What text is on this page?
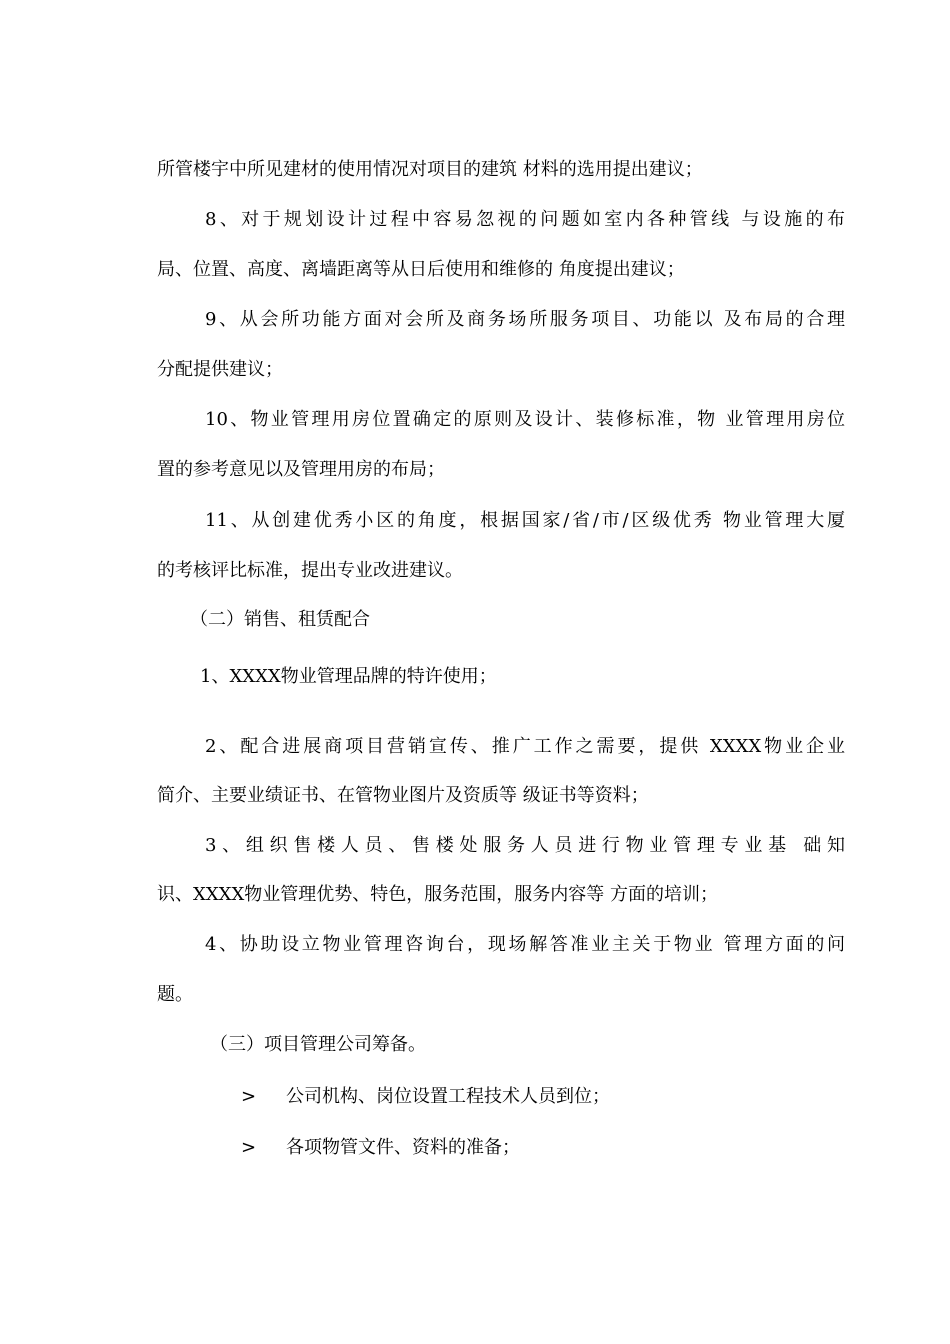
所管楼宇中所见建材的使用情况对项目的建筑 材料的选用提出建议；

8、对于规划设计过程中容易忽视的问题如室内各种管线 与设施的布

局、位置、高度、离墙距离等从日后使用和维修的 角度提出建议；

9、从会所功能方面对会所及商务场所服务项目、功能以 及布局的合理

分配提供建议；

10、物业管理用房位置确定的原则及设计、装修标准，物 业管理用房位

置的参考意见以及管理用房的布局；

11、从创建优秀小区的角度，根据国家/省/市/区级优秀 物业管理大厦

的考核评比标准，提出专业改进建议。

（二）销售、租赁配合

1、XXXX物业管理品牌的特许使用；

2、配合进展商项目营销宣传、推广工作之需要，提供 XXXX物业企业

简介、主要业绩证书、在管物业图片及资质等 级证书等资料；

3、组织售楼人员、售楼处服务人员进行物业管理专业基 础知

识、XXXX物业管理优势、特色，服务范围，服务内容等 方面的培训；

4、协助设立物业管理咨询台，现场解答准业主关于物业 管理方面的问

题。

（三）项目管理公司筹备。

> 公司机构、岗位设置工程技术人员到位；

> 各项物管文件、资料的准备；
